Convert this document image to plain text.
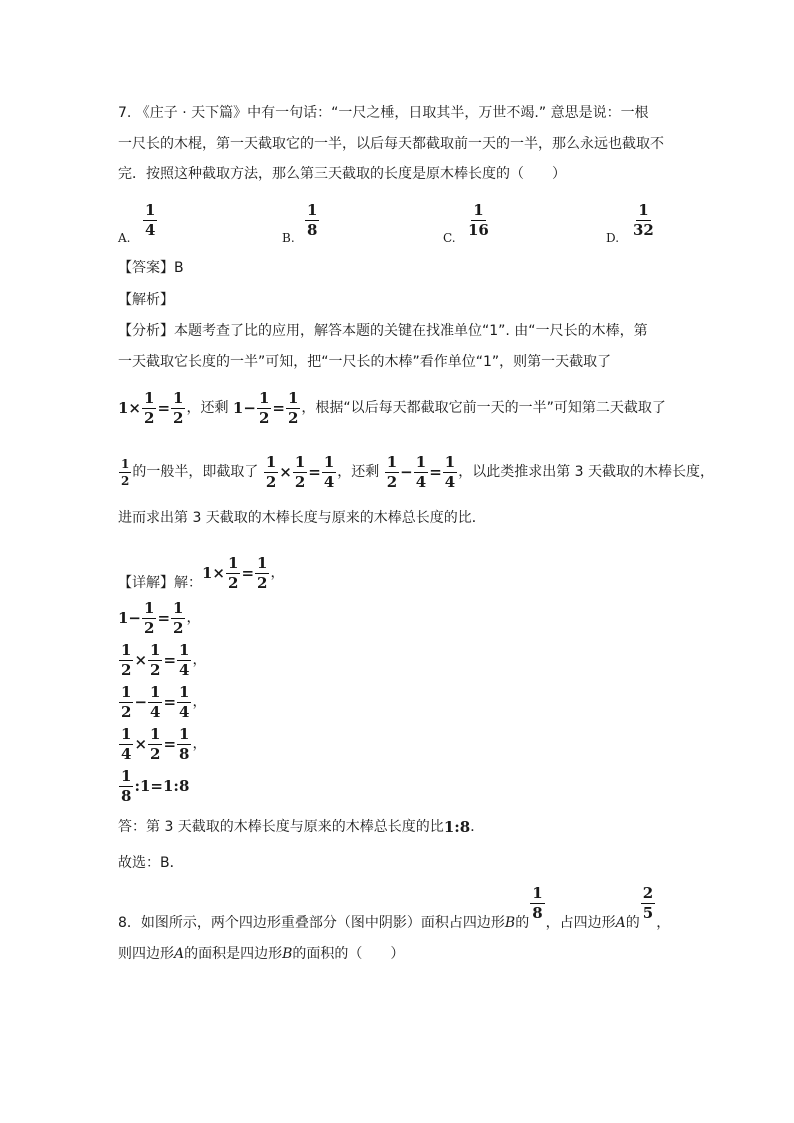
7. 《庄子 · 天下篇》中有一句话：“一尺之棰，日取其半，万世不竭.” 意思是说：一根
一尺长的木棍，第一天截取它的一半，以后每天都截取前一天的一半，那么永远也截取不
完．按照这种截取方法，那么第三天截取的长度是原木棒长度的（　　）
$\frac{1}{4}$
A.	$\frac{1}{8}$
B.	$\frac{1}{16}$
C.	$\frac{1}{32}$
D.
【答案】B
【解析】
【分析】本题考查了比的应用，解答本题的关键在找准单位“1”. 由“一尺长的木棒，第
一天截取它长度的一半”可知，把“一尺长的木棒”看作单位“1”，则第一天截取了
$1\times \frac{1}{2} = \frac{1}{2}$ ，还剩 $1- \frac{1}{2} = \frac{1}{2}$ ，根据“以后每天都截取它前一天的一半”可知第二天截取了
$\frac{1}{2}$ 的一般半，即截取了 $\frac{1}{2} \times \frac{1}{2} = \frac{1}{4}$ ，还剩 $\frac{1}{2} - \frac{1}{4} = \frac{1}{4}$ ，以此类推求出第 3 天截取的木棒长度，
进而求出第 3 天截取的木棒长度与原来的木棒总长度的比．
【详解】解：$1\times \frac{1}{2} = \frac{1}{2}$ ，
$1- \frac{1}{2} = \frac{1}{2}$ ，
$\frac{1}{2} \times \frac{1}{2} = \frac{1}{4}$ ，
$\frac{1}{2} - \frac{1}{4} = \frac{1}{4}$ ，
$\frac{1}{4} \times \frac{1}{2} = \frac{1}{8}$ ，
$\frac{1}{8}$ :1=1:8
答：第 3 天截取的木棒长度与原来的木棒总长度的比1:8．
故选：B．
8．如图所示，两个四边形重叠部分（图中阴影）面积占四边形B的
$\frac{1}{8}$
，占四边形A的
$\frac{2}{5}$
，
则四边形A的面积是四边形B的面积的（　　）
